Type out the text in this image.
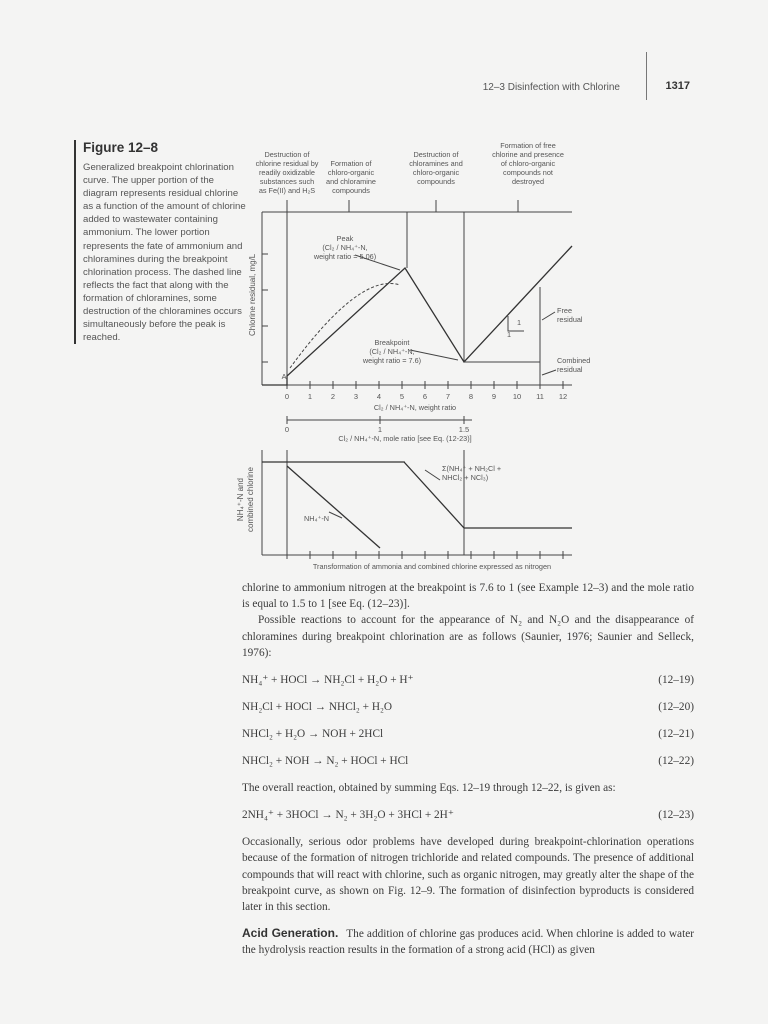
12–3 Disinfection with Chlorine	1317
Figure 12–8
Generalized breakpoint chlorination curve. The upper portion of the diagram represents residual chlorine as a function of the amount of chlorine added to wastewater containing ammonium. The lower portion represents the fate of ammonium and chloramines during the breakpoint chlorination process. The dashed line reflects the fact that along with the formation of chloramines, some destruction of the chloramines occurs simultaneously before the peak is reached.
Destruction of
chlorine residual by
readily oxidizable
substances such
as Fe(II) and H₂S
Formation of
chloro-organic
and chloramine
compounds
Destruction of
chloramines and
chloro-organic
compounds
Formation of free
chlorine and presence
of chloro-organic
compounds not
destroyed
Peak
(Cl₂ / NH₄⁺-N,
weight ratio = 5.06)
Breakpoint
(Cl₂ / NH₄⁺-N,
weight ratio = 7.6)
A
1
1
Free
residual
Combined
residual
Chlorine residual, mg/L
0	1	2	3	4	5	6	7	8	9	10	11	12
Cl₂ / NH₄⁺-N, weight ratio
0	1	1.5
Cl₂ / NH₄⁺-N, mole ratio [see Eq. (12-23)]
Σ(NH₄⁺ + NH₂Cl +
NHCl₂ + NCl₃)
NH₄⁺-N
NH₄⁺-N and
combined chlorine
Transformation of ammonia and combined chlorine expressed as nitrogen

chlorine to ammonium nitrogen at the breakpoint is 7.6 to 1 (see Example 12–3) and the mole ratio is equal to 1.5 to 1 [see Eq. (12–23)].

Possible reactions to account for the appearance of N₂ and N₂O and the disappearance of chloramines during breakpoint chlorination are as follows (Saunier, 1976; Saunier and Selleck, 1976):

NH₄⁺ + HOCl → NH₂Cl + H₂O + H⁺	(12–19)
NH₂Cl + HOCl → NHCl₂ + H₂O	(12–20)
NHCl₂ + H₂O → NOH + 2HCl	(12–21)
NHCl₂ + NOH → N₂ + HOCl + HCl	(12–22)

The overall reaction, obtained by summing Eqs. 12–19 through 12–22, is given as:

2NH₄⁺ + 3HOCl → N₂ + 3H₂O + 3HCl + 2H⁺	(12–23)

Occasionally, serious odor problems have developed during breakpoint-chlorination operations because of the formation of nitrogen trichloride and related compounds. The presence of additional compounds that will react with chlorine, such as organic nitrogen, may greatly alter the shape of the breakpoint curve, as shown on Fig. 12–9. The formation of disinfection byproducts is considered later in this section.

Acid Generation. The addition of chlorine gas produces acid. When chlorine is added to water the hydrolysis reaction results in the formation of a strong acid (HCl) as given
